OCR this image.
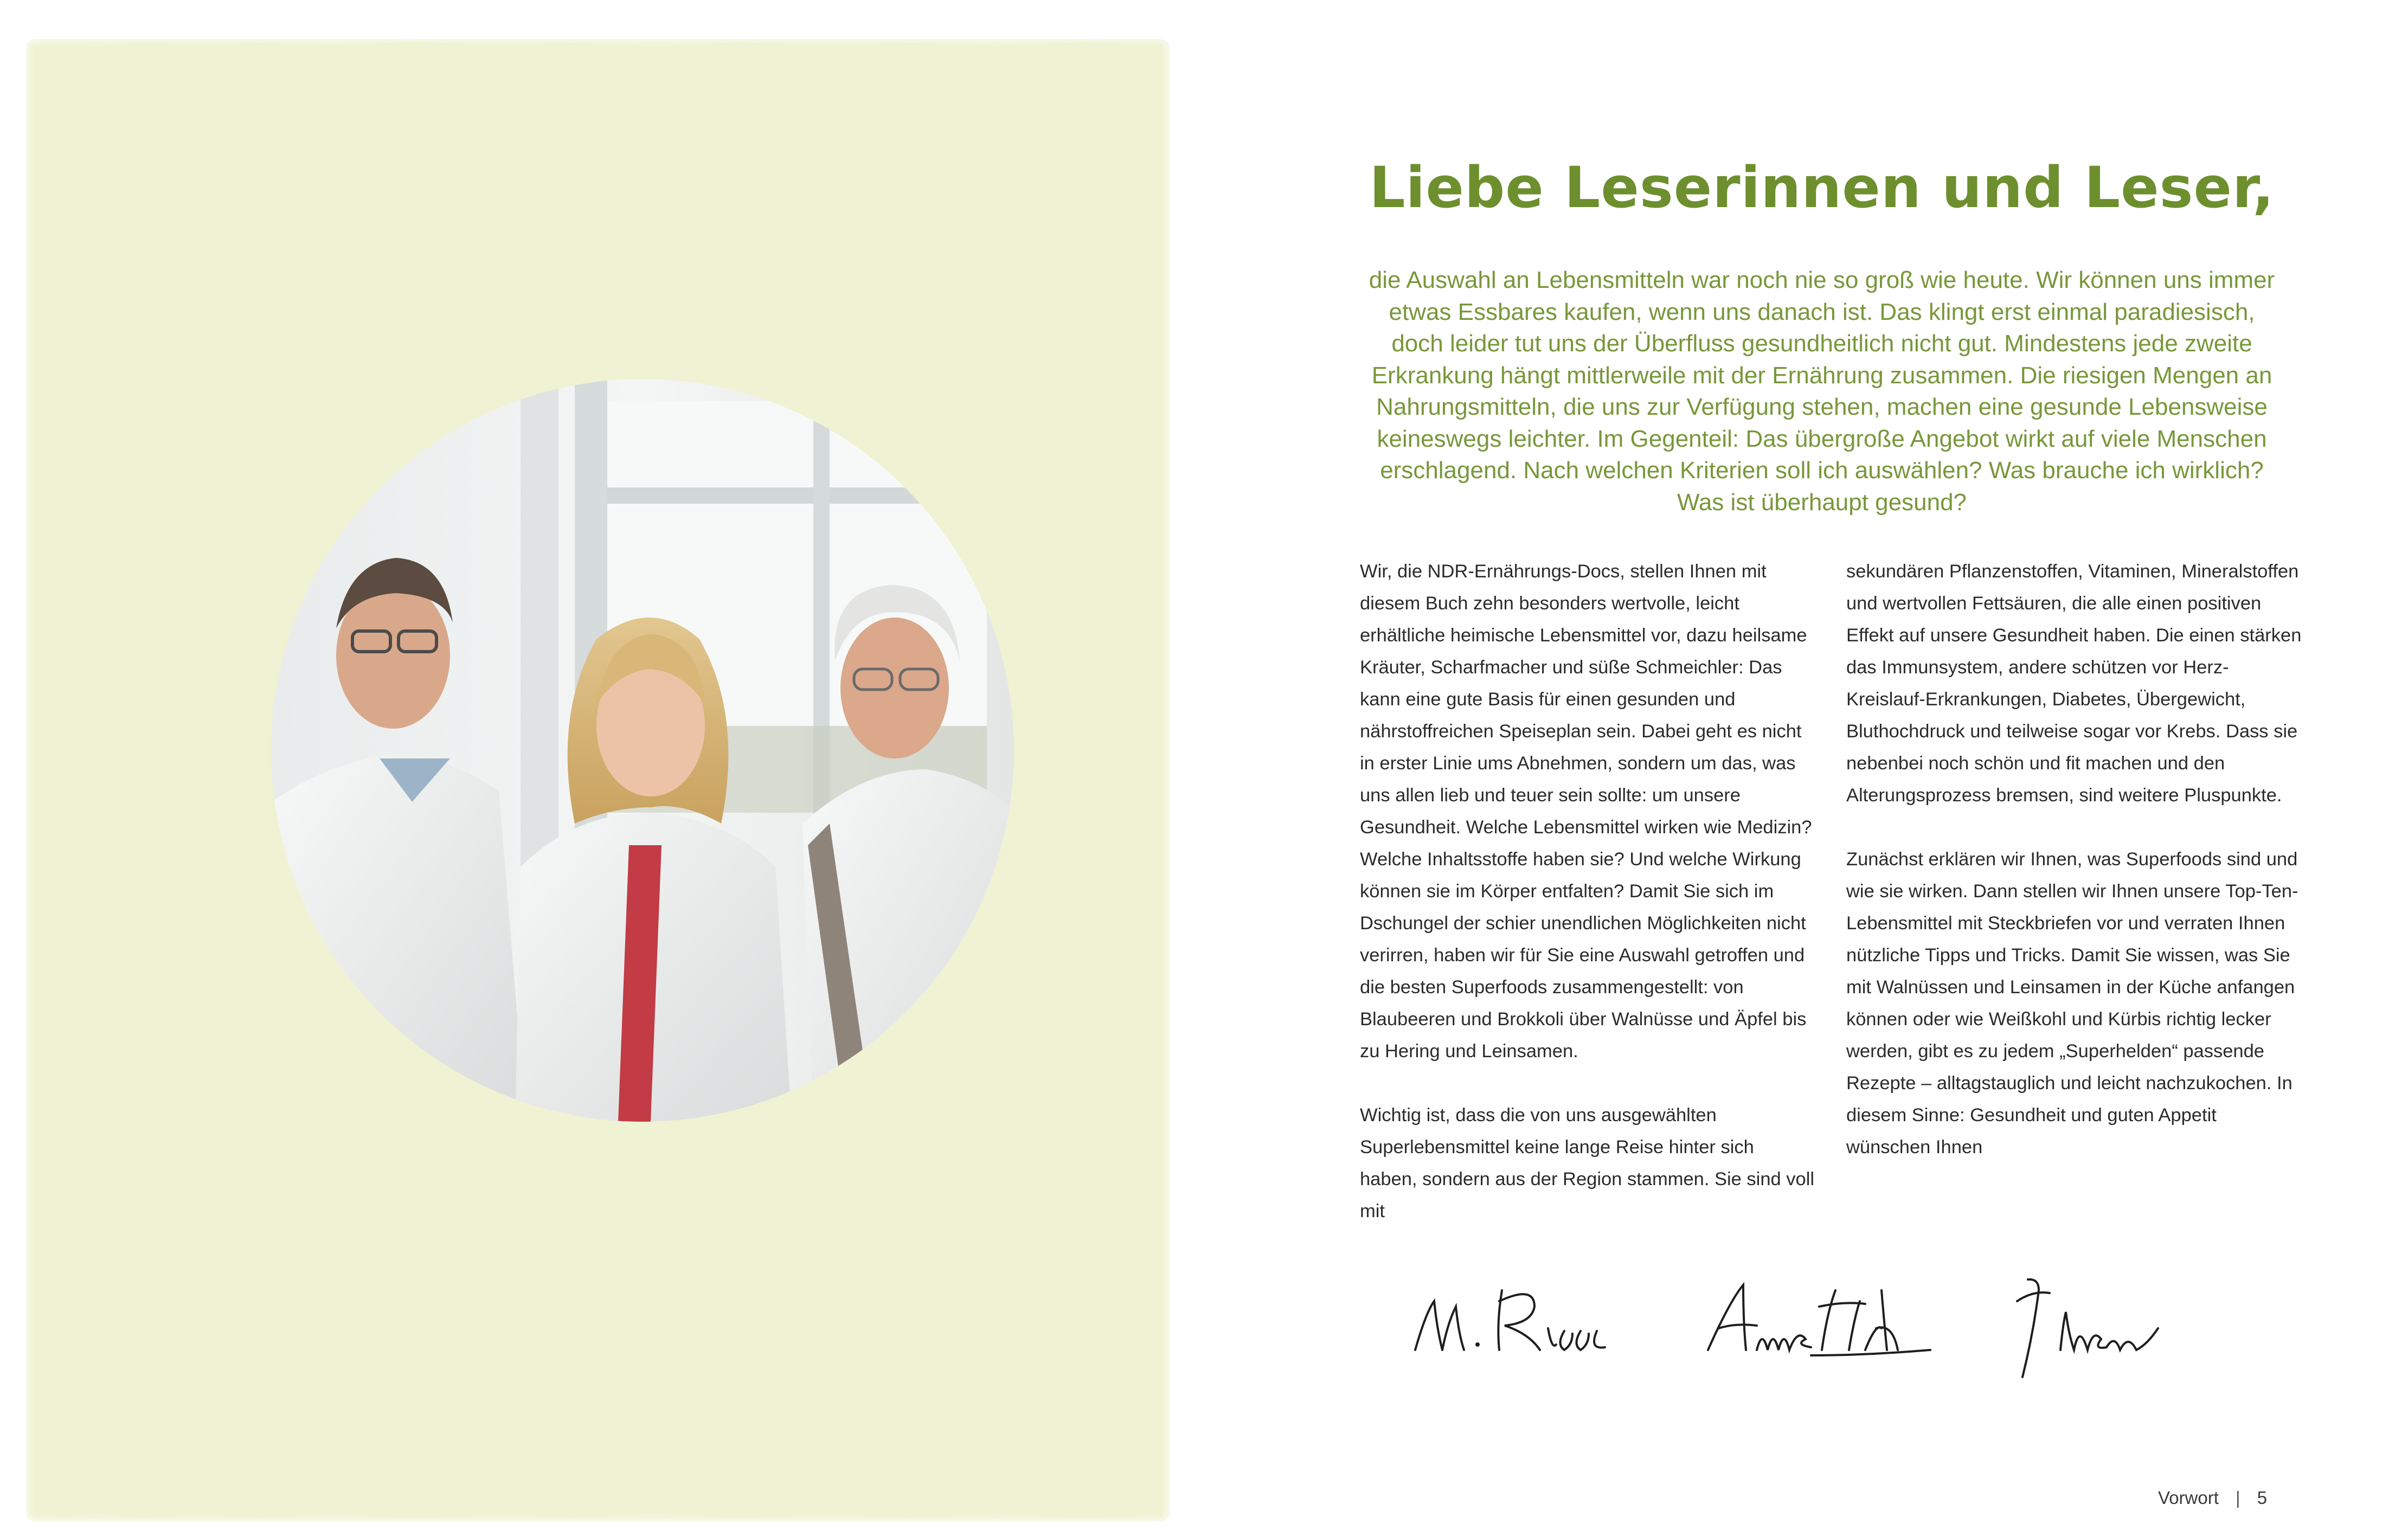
Liebe Leserinnen und Leser,

die Auswahl an Lebensmitteln war noch nie so groß wie heute. Wir können uns immer etwas Essbares kaufen, wenn uns danach ist. Das klingt erst einmal paradiesisch, doch leider tut uns der Überfluss gesundheitlich nicht gut. Mindestens jede zweite Erkrankung hängt mittlerweile mit der Ernährung zusammen. Die riesigen Mengen an Nahrungsmitteln, die uns zur Verfügung stehen, machen eine gesunde Lebensweise keineswegs leichter. Im Gegenteil: Das übergroße Angebot wirkt auf viele Menschen erschlagend. Nach welchen Kriterien soll ich auswählen? Was brauche ich wirklich? Was ist überhaupt gesund?

Wir, die NDR-Ernährungs-Docs, stellen Ihnen mit diesem Buch zehn besonders wertvolle, leicht erhältliche heimische Lebensmittel vor, dazu heilsame Kräuter, Scharfmacher und süße Schmeichler: Das kann eine gute Basis für einen gesunden und nährstoffreichen Speiseplan sein. Dabei geht es nicht in erster Linie ums Abnehmen, sondern um das, was uns allen lieb und teuer sein sollte: um unsere Gesundheit. Welche Lebensmittel wirken wie Medizin? Welche Inhaltsstoffe haben sie? Und welche Wirkung können sie im Körper entfalten? Damit Sie sich im Dschungel der schier unendlichen Möglichkeiten nicht verirren, haben wir für Sie eine Auswahl getroffen und die besten Superfoods zusammengestellt: von Blaubeeren und Brokkoli über Walnüsse und Äpfel bis zu Hering und Leinsamen.

Wichtig ist, dass die von uns ausgewählten Superlebensmittel keine lange Reise hinter sich haben, sondern aus der Region stammen. Sie sind voll mit

sekundären Pflanzenstoffen, Vitaminen, Mineralstoffen und wertvollen Fettsäuren, die alle einen positiven Effekt auf unsere Gesundheit haben. Die einen stärken das Immunsystem, andere schützen vor Herz-Kreislauf-Erkrankungen, Diabetes, Übergewicht, Bluthochdruck und teilweise sogar vor Krebs. Dass sie nebenbei noch schön und fit machen und den Alterungsprozess bremsen, sind weitere Pluspunkte.

Zunächst erklären wir Ihnen, was Superfoods sind und wie sie wirken. Dann stellen wir Ihnen unsere Top-Ten-Lebensmittel mit Steckbriefen vor und verraten Ihnen nützliche Tipps und Tricks. Damit Sie wissen, was Sie mit Walnüssen und Leinsamen in der Küche anfangen können oder wie Weißkohl und Kürbis richtig lecker werden, gibt es zu jedem „Superhelden“ passende Rezepte – alltagstauglich und leicht nachzukochen. In diesem Sinne: Gesundheit und guten Appetit wünschen Ihnen

Vorwort | 5
